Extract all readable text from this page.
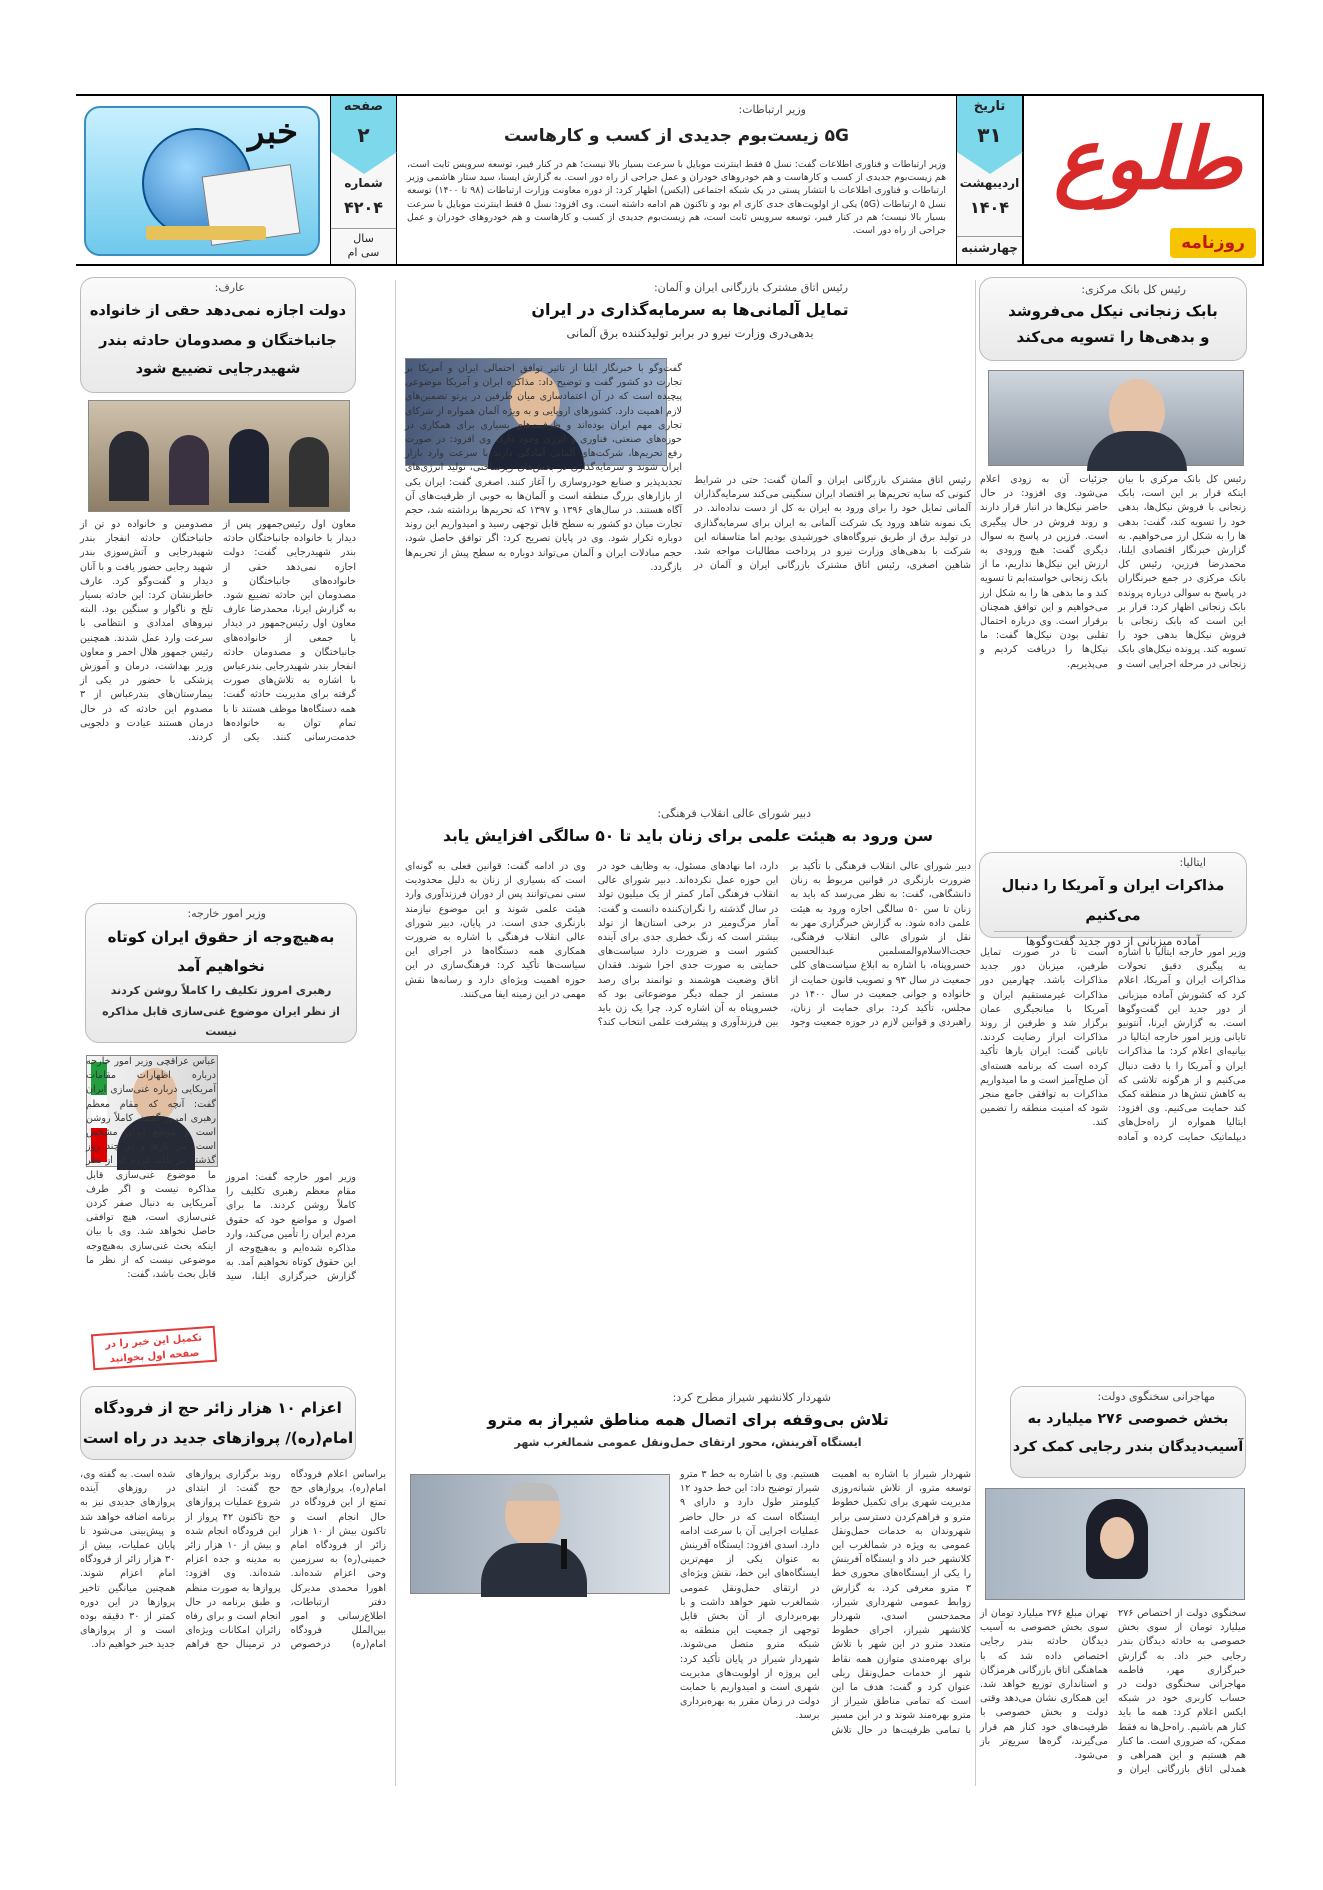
طلوع
روزنامه
تاریخ
۳۱
اردیبهشت
۱۴۰۴
چهارشنبه
وزیر ارتباطات:
۵G زیست‌بوم جدیدی از کسب و کارهاست
وزیر ارتباطات و فناوری اطلاعات گفت: نسل ۵ فقط اینترنت موبایل با سرعت بسیار بالا نیست؛ هم در کنار فیبر، توسعه سرویس ثابت است، هم زیست‌بوم جدیدی از کسب و کارهاست و هم خودروهای خودران و عمل جراحی از راه دور است. به گزارش ایسنا، سید ستار هاشمی وزیر ارتباطات و فناوری اطلاعات با انتشار پستی در یک شبکه اجتماعی (ایکس) اظهار کرد: از دوره معاونت وزارت ارتباطات (۹۸ تا ۱۴۰۰) توسعه نسل ۵ ارتباطات (۵G) یکی از اولویت‌های جدی کاری ام بود و تاکنون هم ادامه داشته است. وی افزود: نسل ۵ فقط اینترنت موبایل با سرعت بسیار بالا نیست؛ هم در کنار فیبر، توسعه سرویس ثابت است، هم زیست‌بوم جدیدی از کسب و کارهاست و هم خودروهای خودران و عمل جراحی از راه دور است.
صفحه
۲
شماره
۴۲۰۴
سال
سی ام
خبر
رئیس کل بانک مرکزی:
بابک زنجانی نیکل می‌فروشد
و بدهی‌ها را تسویه می‌کند
رئیس کل بانک مرکزی با بیان اینکه قرار بر این است، بابک زنجانی با فروش نیکل‌ها، بدهی خود را تسویه کند، گفت: بدهی ها را به شکل ارز می‌خواهیم. به گزارش خبرنگار اقتصادی ایلنا، محمدرضا فرزین، رئیس کل بانک مرکزی در جمع خبرنگاران در پاسخ به سوالی درباره پرونده بابک زنجانی اظهار کرد: قرار بر این است که بابک زنجانی با فروش نیکل‌ها بدهی خود را تسویه کند. پرونده نیکل‌های بابک زنجانی در مرحله اجرایی است و جزئیات آن به زودی اعلام می‌شود. وی افزود: در حال حاضر نیکل‌ها در انبار قرار دارند و روند فروش در حال پیگیری است. فرزین در پاسخ به سوال دیگری گفت: هیچ ورودی به ارزش این نیکل‌ها نداریم، ما از بابک زنجانی خواسته‌ایم تا تسویه کند و ما بدهی ها را به شکل ارز می‌خواهیم و این توافق همچنان برقرار است. وی درباره احتمال تقلبی بودن نیکل‌ها گفت: ما نیکل‌ها را دریافت کردیم و می‌پذیریم.
ایتالیا:
مذاکرات ایران و آمریکا را دنبال می‌کنیم
آماده میزبانی از دور جدید گفت‌وگوها
وزیر امور خارجه ایتالیا با اشاره به پیگیری دقیق تحولات مذاکرات ایران و آمریکا، اعلام کرد که کشورش آماده میزبانی از دور جدید این گفت‌وگوها است. به گزارش ایرنا، آنتونیو تایانی وزیر امور خارجه ایتالیا در بیانیه‌ای اعلام کرد: ما مذاکرات ایران و آمریکا را با دقت دنبال می‌کنیم و از هرگونه تلاشی که به کاهش تنش‌ها در منطقه کمک کند حمایت می‌کنیم. وی افزود: ایتالیا همواره از راه‌حل‌های دیپلماتیک حمایت کرده و آماده است تا در صورت تمایل طرفین، میزبان دور جدید مذاکرات باشد. چهارمین دور مذاکرات غیرمستقیم ایران و آمریکا با میانجیگری عمان برگزار شد و طرفین از روند مذاکرات ابراز رضایت کردند. تایانی گفت: ایران بارها تأکید کرده است که برنامه هسته‌ای آن صلح‌آمیز است و ما امیدواریم مذاکرات به توافقی جامع منجر شود که امنیت منطقه را تضمین کند.
مهاجرانی سخنگوی دولت:
بخش خصوصی ۲۷۶ میلیارد به
آسیب‌دیدگان بندر رجایی کمک کرد
سخنگوی دولت از اختصاص ۲۷۶ میلیارد تومان از سوی بخش خصوصی به حادثه دیدگان بندر رجایی خبر داد. به گزارش خبرگزاری مهر، فاطمه مهاجرانی سخنگوی دولت در حساب کاربری خود در شبکه ایکس اعلام کرد: همه ما باید کنار هم باشیم. راه‌حل‌ها نه فقط ممکن، که ضروری است. ما کنار هم هستیم و این همراهی و همدلی اتاق بازرگانی ایران و تهران مبلغ ۲۷۶ میلیارد تومان از سوی بخش خصوصی به آسیب دیدگان حادثه بندر رجایی اختصاص داده شد که با هماهنگی اتاق بازرگانی هرمزگان و استانداری توزیع خواهد شد. این همکاری نشان می‌دهد وقتی دولت و بخش خصوصی با ظرفیت‌های خود کنار هم قرار می‌گیرند، گره‌ها سریع‌تر باز می‌شود.
رئیس اتاق مشترک بازرگانی ایران و آلمان:
تمایل آلمانی‌ها به سرمایه‌گذاری در ایران
بدهی‌دری وزارت نیرو در برابر تولیدکننده برق آلمانی
رئیس اتاق مشترک بازرگانی ایران و آلمان گفت: حتی در شرایط کنونی که سایه تحریم‌ها بر اقتصاد ایران سنگینی می‌کند سرمایه‌گذاران آلمانی تمایل خود را برای ورود به ایران به کل از دست نداده‌اند. در یک نمونه شاهد ورود یک شرکت آلمانی به ایران برای سرمایه‌گذاری در تولید برق از طریق نیروگاه‌های خورشیدی بودیم اما متاسفانه این شرکت با بدهی‌های وزارت نیرو در پرداخت مطالبات مواجه شد. شاهین اصغری، رئیس اتاق مشترک بازرگانی ایران و آلمان در گفت‌وگو با خبرنگار ایلنا از تاثیر توافق احتمالی ایران و آمریکا بر تجارت دو کشور گفت و توضیح داد: مذاکره ایران و آمریکا موضوعی پیچیده است که در آن اعتمادسازی میان طرفین در پرتو تضمین‌های لازم اهمیت دارد. کشورهای اروپایی و به ویژه آلمان همواره از شرکای تجاری مهم ایران بوده‌اند و ظرفیت‌های بسیاری برای همکاری در حوزه‌های صنعتی، فناوری و انرژی وجود دارد. وی افزود: در صورت رفع تحریم‌ها، شرکت‌های آلمانی آمادگی دارند با سرعت وارد بازار ایران شوند و سرمایه‌گذاری در بخش‌های زیرساختی، تولید انرژی‌های تجدیدپذیر و صنایع خودروسازی را آغاز کنند. اصغری گفت: ایران یکی از بازارهای بزرگ منطقه است و آلمان‌ها به خوبی از ظرفیت‌های آن آگاه هستند. در سال‌های ۱۳۹۶ و ۱۳۹۷ که تحریم‌ها برداشته شد، حجم تجارت میان دو کشور به سطح قابل توجهی رسید و امیدواریم این روند دوباره تکرار شود. وی در پایان تصریح کرد: اگر توافق حاصل شود، حجم مبادلات ایران و آلمان می‌تواند دوباره به سطح پیش از تحریم‌ها بازگردد.
دبیر شورای عالی انقلاب فرهنگی:
سن ورود به هیئت علمی برای زنان باید تا ۵۰ سالگی افزایش یابد
دبیر شورای عالی انقلاب فرهنگی با تأکید بر ضرورت بازنگری در قوانین مربوط به زنان دانشگاهی، گفت: به نظر می‌رسد که باید به زنان تا سن ۵۰ سالگی اجازه ورود به هیئت علمی داده شود. به گزارش خبرگزاری مهر به نقل از شورای عالی انقلاب فرهنگی، حجت‌الاسلام‌والمسلمین عبدالحسین خسروپناه، با اشاره به ابلاغ سیاست‌های کلی جمعیت در سال ۹۳ و تصویب قانون حمایت از خانواده و جوانی جمعیت در سال ۱۴۰۰ در مجلس، تأکید کرد: برای حمایت از زنان، راهبردی و قوانین لازم در حوزه جمعیت وجود دارد، اما نهادهای مسئول، به وظایف خود در این حوزه عمل نکرده‌اند. دبیر شورای عالی انقلاب فرهنگی آمار کمتر از یک میلیون تولد در سال گذشته را نگران‌کننده دانست و گفت: آمار مرگ‌ومیر در برخی استان‌ها از تولد بیشتر است که زنگ خطری جدی برای آینده کشور است و ضرورت دارد سیاست‌های حمایتی به صورت جدی اجرا شوند. فقدان اتاق وضعیت هوشمند و توانمند برای رصد مستمر از جمله دیگر موضوعاتی بود که خسروپناه به آن اشاره کرد. چرا یک زن باید بین فرزندآوری و پیشرفت علمی انتخاب کند؟ وی در ادامه گفت: قوانین فعلی به گونه‌ای است که بسیاری از زنان به دلیل محدودیت سنی نمی‌توانند پس از دوران فرزندآوری وارد هیئت علمی شوند و این موضوع نیازمند بازنگری جدی است. در پایان، دبیر شورای عالی انقلاب فرهنگی با اشاره به ضرورت همکاری همه دستگاه‌ها در اجرای این سیاست‌ها تأکید کرد: فرهنگ‌سازی در این حوزه اهمیت ویژه‌ای دارد و رسانه‌ها نقش مهمی در این زمینه ایفا می‌کنند.
شهردار کلانشهر شیراز مطرح کرد:
تلاش بی‌وقفه برای اتصال همه مناطق شیراز به مترو
ایستگاه آفرینش، محور ارتقای حمل‌ونقل عمومی شمالغرب شهر
شهردار شیراز با اشاره به اهمیت توسعه مترو، از تلاش شبانه‌روزی مدیریت شهری برای تکمیل خطوط مترو و فراهم‌کردن دسترسی برابر شهروندان به خدمات حمل‌ونقل عمومی به ویژه در شمالغرب این کلانشهر خبر داد و ایستگاه آفرینش را یکی از ایستگاه‌های محوری خط ۳ مترو معرفی کرد. به گزارش روابط عمومی شهرداری شیراز، محمدحسن اسدی، شهردار کلانشهر شیراز، اجرای خطوط متعدد مترو در این شهر با تلاش برای بهره‌مندی متوازن همه نقاط شهر از خدمات حمل‌ونقل ریلی عنوان کرد و گفت: هدف ما این است که تمامی مناطق شیراز از مترو بهره‌مند شوند و در این مسیر با تمامی ظرفیت‌ها در حال تلاش هستیم. وی با اشاره به خط ۳ مترو شیراز توضیح داد: این خط حدود ۱۲ کیلومتر طول دارد و دارای ۹ ایستگاه است که در حال حاضر عملیات اجرایی آن با سرعت ادامه دارد. اسدی افزود: ایستگاه آفرینش به عنوان یکی از مهم‌ترین ایستگاه‌های این خط، نقش ویژه‌ای در ارتقای حمل‌ونقل عمومی شمالغرب شهر خواهد داشت و با بهره‌برداری از آن بخش قابل توجهی از جمعیت این منطقه به شبکه مترو متصل می‌شوند. شهردار شیراز در پایان تأکید کرد: این پروژه از اولویت‌های مدیریت شهری است و امیدواریم با حمایت دولت در زمان مقرر به بهره‌برداری برسد.
عارف:
دولت اجازه نمی‌دهد حقی از خانواده
جانباختگان و مصدومان حادثه بندر
شهیدرجایی تضییع شود
معاون اول رئیس‌جمهور پس از دیدار با خانواده جانباختگان حادثه بندر شهیدرجایی گفت: دولت اجازه نمی‌دهد حقی از خانواده‌های جانباختگان و مصدومان این حادثه تضییع شود. به گزارش ایرنا، محمدرضا عارف معاون اول رئیس‌جمهور در دیدار با جمعی از خانواده‌های جانباختگان و مصدومان حادثه انفجار بندر شهیدرجایی بندرعباس با اشاره به تلاش‌های صورت گرفته برای مدیریت حادثه گفت: همه دستگاه‌ها موظف هستند تا با تمام توان به خانواده‌ها خدمت‌رسانی کنند. یکی از مصدومین و خانواده دو تن از جانباختگان حادثه انفجار بندر شهیدرجایی و آتش‌سوزی بندر شهید رجایی حضور یافت و با آنان دیدار و گفت‌وگو کرد. عارف خاطرنشان کرد: این حادثه بسیار تلخ و ناگوار و سنگین بود. البته نیروهای امدادی و انتظامی با سرعت وارد عمل شدند. همچنین رئیس جمهور هلال احمر و معاون وزیر بهداشت، درمان و آموزش پزشکی با حضور در یکی از بیمارستان‌های بندرعباس از ۳ مصدوم این حادثه که در حال درمان هستند عیادت و دلجویی کردند.
وزیر امور خارجه:
به‌هیچ‌وجه از حقوق ایران کوتاه
نخواهیم آمد
رهبری امروز تکلیف را کاملاً روشن کردند
از نظر ایران موضوع غنی‌سازی قابل مذاکره نیست
وزیر امور خارجه گفت: امروز مقام معظم رهبری تکلیف را کاملاً روشن کردند. ما برای اصول و مواضع خود که حقوق مردم ایران را تأمین می‌کند، وارد مذاکره شده‌ایم و به‌هیچ‌وجه از این حقوق کوتاه نخواهیم آمد. به گزارش خبرگزاری ایلنا، سید عباس عراقچی وزیر امور خارجه درباره اظهارات مقامات آمریکایی درباره غنی‌سازی ایران گفت: آنچه که مقام معظم رهبری امروز گفتند، کاملاً روشن است و موضع ایران مشخص است. من بارها و در چند روز گذشته نیز تأکید کردم که از نظر ما موضوع غنی‌سازی قابل مذاکره نیست و اگر طرف آمریکایی به دنبال صفر کردن غنی‌سازی است، هیچ توافقی حاصل نخواهد شد. وی با بیان اینکه بحث غنی‌سازی به‌هیچ‌وجه موضوعی نیست که از نظر ما قابل بحث باشد، گفت:
تکمیل این خبر را در صفحه اول بخوانید
اعزام ۱۰ هزار زائر حج از فرودگاه
امام(ره)/ پروازهای جدید در راه است
براساس اعلام فرودگاه امام(ره)، پرواز‌های حج تمتع از این فرودگاه در حال انجام است و تاکنون بیش از ۱۰ هزار زائر از فرودگاه امام خمینی(ره) به سرزمین وحی اعزام شده‌اند. اهورا محمدی مدیرکل دفتر ارتباطات، اطلاع‌رسانی و امور بین‌الملل فرودگاه امام(ره) درخصوص روند برگزاری پروازهای حج گفت: از ابتدای شروع عملیات پروازهای حج تاکنون ۴۲ پرواز از این فرودگاه انجام شده و بیش از ۱۰ هزار زائر به مدینه و جده اعزام شده‌اند. وی افزود: پرواز‌ها به صورت منظم و طبق برنامه در حال انجام است و برای رفاه زائران امکانات ویژه‌ای در ترمینال حج فراهم شده است. به گفته وی، در روزهای آینده پروازهای جدیدی نیز به برنامه اضافه خواهد شد و پیش‌بینی می‌شود تا پایان عملیات، بیش از ۳۰ هزار زائر از فرودگاه امام اعزام شوند. همچنین میانگین تاخیر پروازها در این دوره کمتر از ۳۰ دقیقه بوده است و از پروازهای جدید خبر خواهیم داد.
